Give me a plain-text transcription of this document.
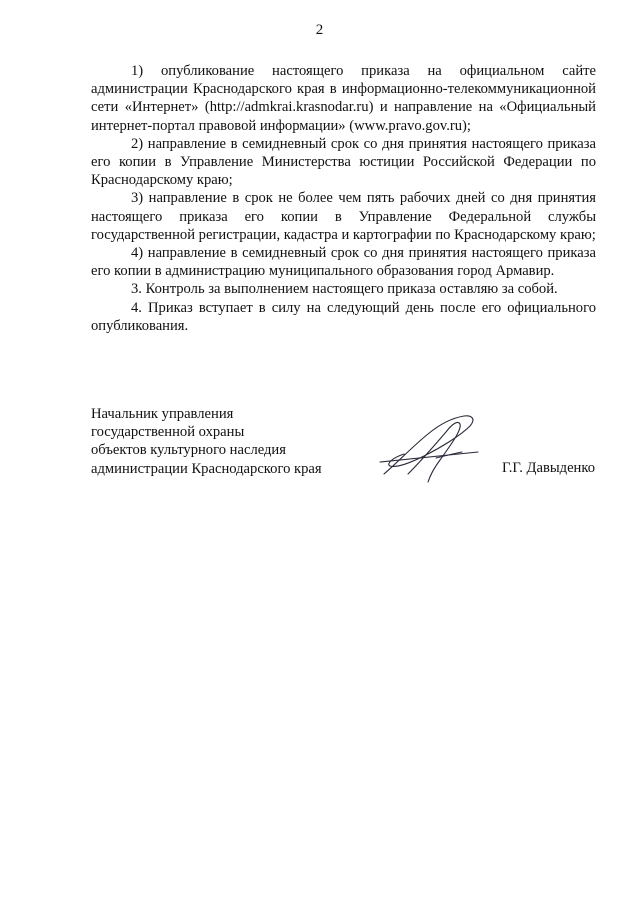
2

1) опубликование настоящего приказа на официальном сайте администрации Краснодарского края в информационно-телекоммуникационной сети «Интернет» (http://admkrai.krasnodar.ru) и направление на «Официальный интернет-портал правовой информации» (www.pravo.gov.ru);

2) направление в семидневный срок со дня принятия настоящего приказа его копии в Управление Министерства юстиции Российской Федерации по Краснодарскому краю;

3) направление в срок не более чем пять рабочих дней со дня принятия настоящего приказа его копии в Управление Федеральной службы государственной регистрации, кадастра и картографии по Краснодарскому краю;

4) направление в семидневный срок со дня принятия настоящего приказа его копии в администрацию муниципального образования город Армавир.

3. Контроль за выполнением настоящего приказа оставляю за собой.

4. Приказ вступает в силу на следующий день после его официального опубликования.

Начальник управления
государственной охраны
объектов культурного наследия
администрации Краснодарского края	Г.Г. Давыденко
